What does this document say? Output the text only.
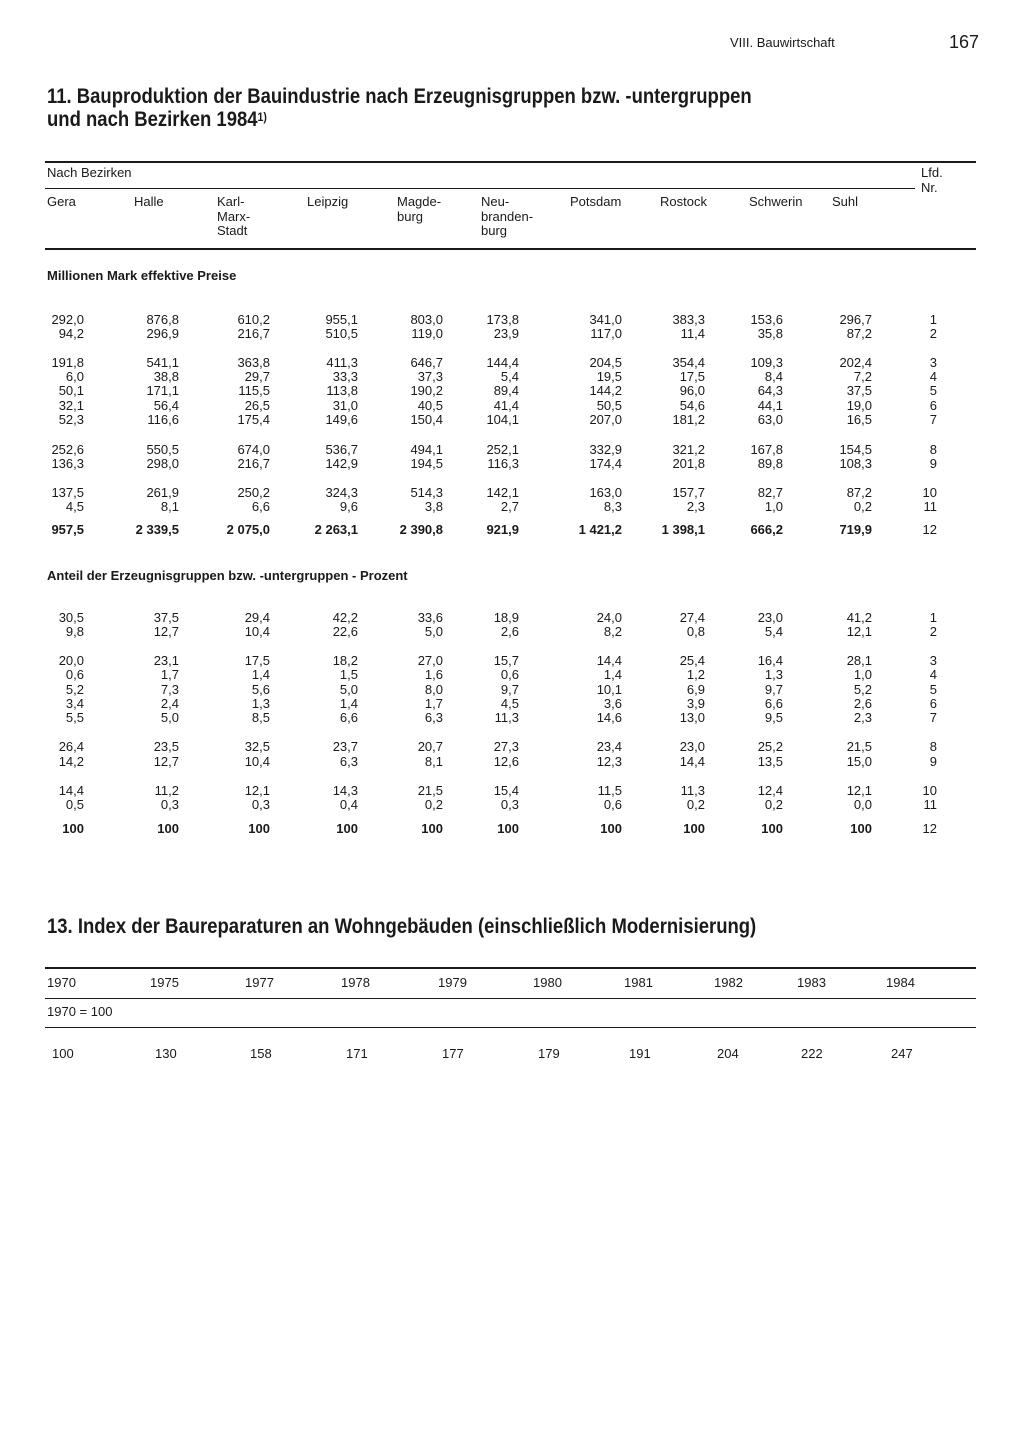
VIII. Bauwirtschaft	167
11. Bauproduktion der Bauindustrie nach Erzeugnisgruppen bzw. -untergruppen
und nach Bezirken 1984$^{1)}$
Nach Bezirken	Lfd.
Nr.
Gera	Halle	Karl-
Marx-
Stadt
Leipzig	Magde-
burg
Neu-
branden-
burg
Potsdam	Rostock	Schwerin Suhl
Millionen Mark effektive Preise
292,0	876,8	610,2	955,1	803,0	173,8	341,0	383,3	153,6	296,7	1
94,2	296,9	216,7	510,5	119,0	23,9	117,0	11,4	35,8	87,2	2
191,8	541,1	363,8	411,3	646,7	144,4	204,5	354,4	109,3	202,4	3
6,0	38,8	29,7	33,3	37,3	5,4	19,5	17,5	8,4	7,2	4
50,1	171,1	115,5	113,8	190,2	89,4	144,2	96,0	64,3	37,5	5
32,1	56,4	26,5	31,0	40,5	41,4	50,5	54,6	44,1	19,0	6
52,3	116,6	175,4	149,6	150,4	104,1	207,0	181,2	63,0	16,5	7
252,6	550,5	674,0	536,7	494,1	252,1	332,9	321,2	167,8	154,5	8
136,3	298,0	216,7	142,9	194,5	116,3	174,4	201,8	89,8	108,3	9
137,5	261,9	250,2	324,3	514,3	142,1	163,0	157,7	82,7	87,2	10
4,5	8,1	6,6	9,6	3,8	2,7	8,3	2,3	1,0	0,2	11
957,5	2 339,5	2 075,0	2 263,1	2 390,8	921,9	1 421,2	1 398,1	666,2	719,9	12
Anteil der Erzeugnisgruppen bzw. -untergruppen - Prozent
30,5	37,5	29,4	42,2	33,6	18,9	24,0	27,4	23,0	41,2	1
9,8	12,7	10,4	22,6	5,0	2,6	8,2	0,8	5,4	12,1	2
20,0	23,1	17,5	18,2	27,0	15,7	14,4	25,4	16,4	28,1	3
0,6	1,7	1,4	1,5	1,6	0,6	1,4	1,2	1,3	1,0	4
5,2	7,3	5,6	5,0	8,0	9,7	10,1	6,9	9,7	5,2	5
3,4	2,4	1,3	1,4	1,7	4,5	3,6	3,9	6,6	2,6	6
5,5	5,0	8,5	6,6	6,3	11,3	14,6	13,0	9,5	2,3	7
26,4	23,5	32,5	23,7	20,7	27,3	23,4	23,0	25,2	21,5	8
14,2	12,7	10,4	6,3	8,1	12,6	12,3	14,4	13,5	15,0	9
14,4	11,2	12,1	14,3	21,5	15,4	11,5	11,3	12,4	12,1	10
0,5	0,3	0,3	0,4	0,2	0,3	0,6	0,2	0,2	0,0	11
100	100	100	100	100	100	100	100	100	100	12
13. Index der Baureparaturen an Wohngebäuden (einschließlich Modernisierung)
1970	1975	1977	1978	1979	1980	1981	1982	1983	1984
1970 = 100
100	130	158	171	177	179	191	204	222	247
